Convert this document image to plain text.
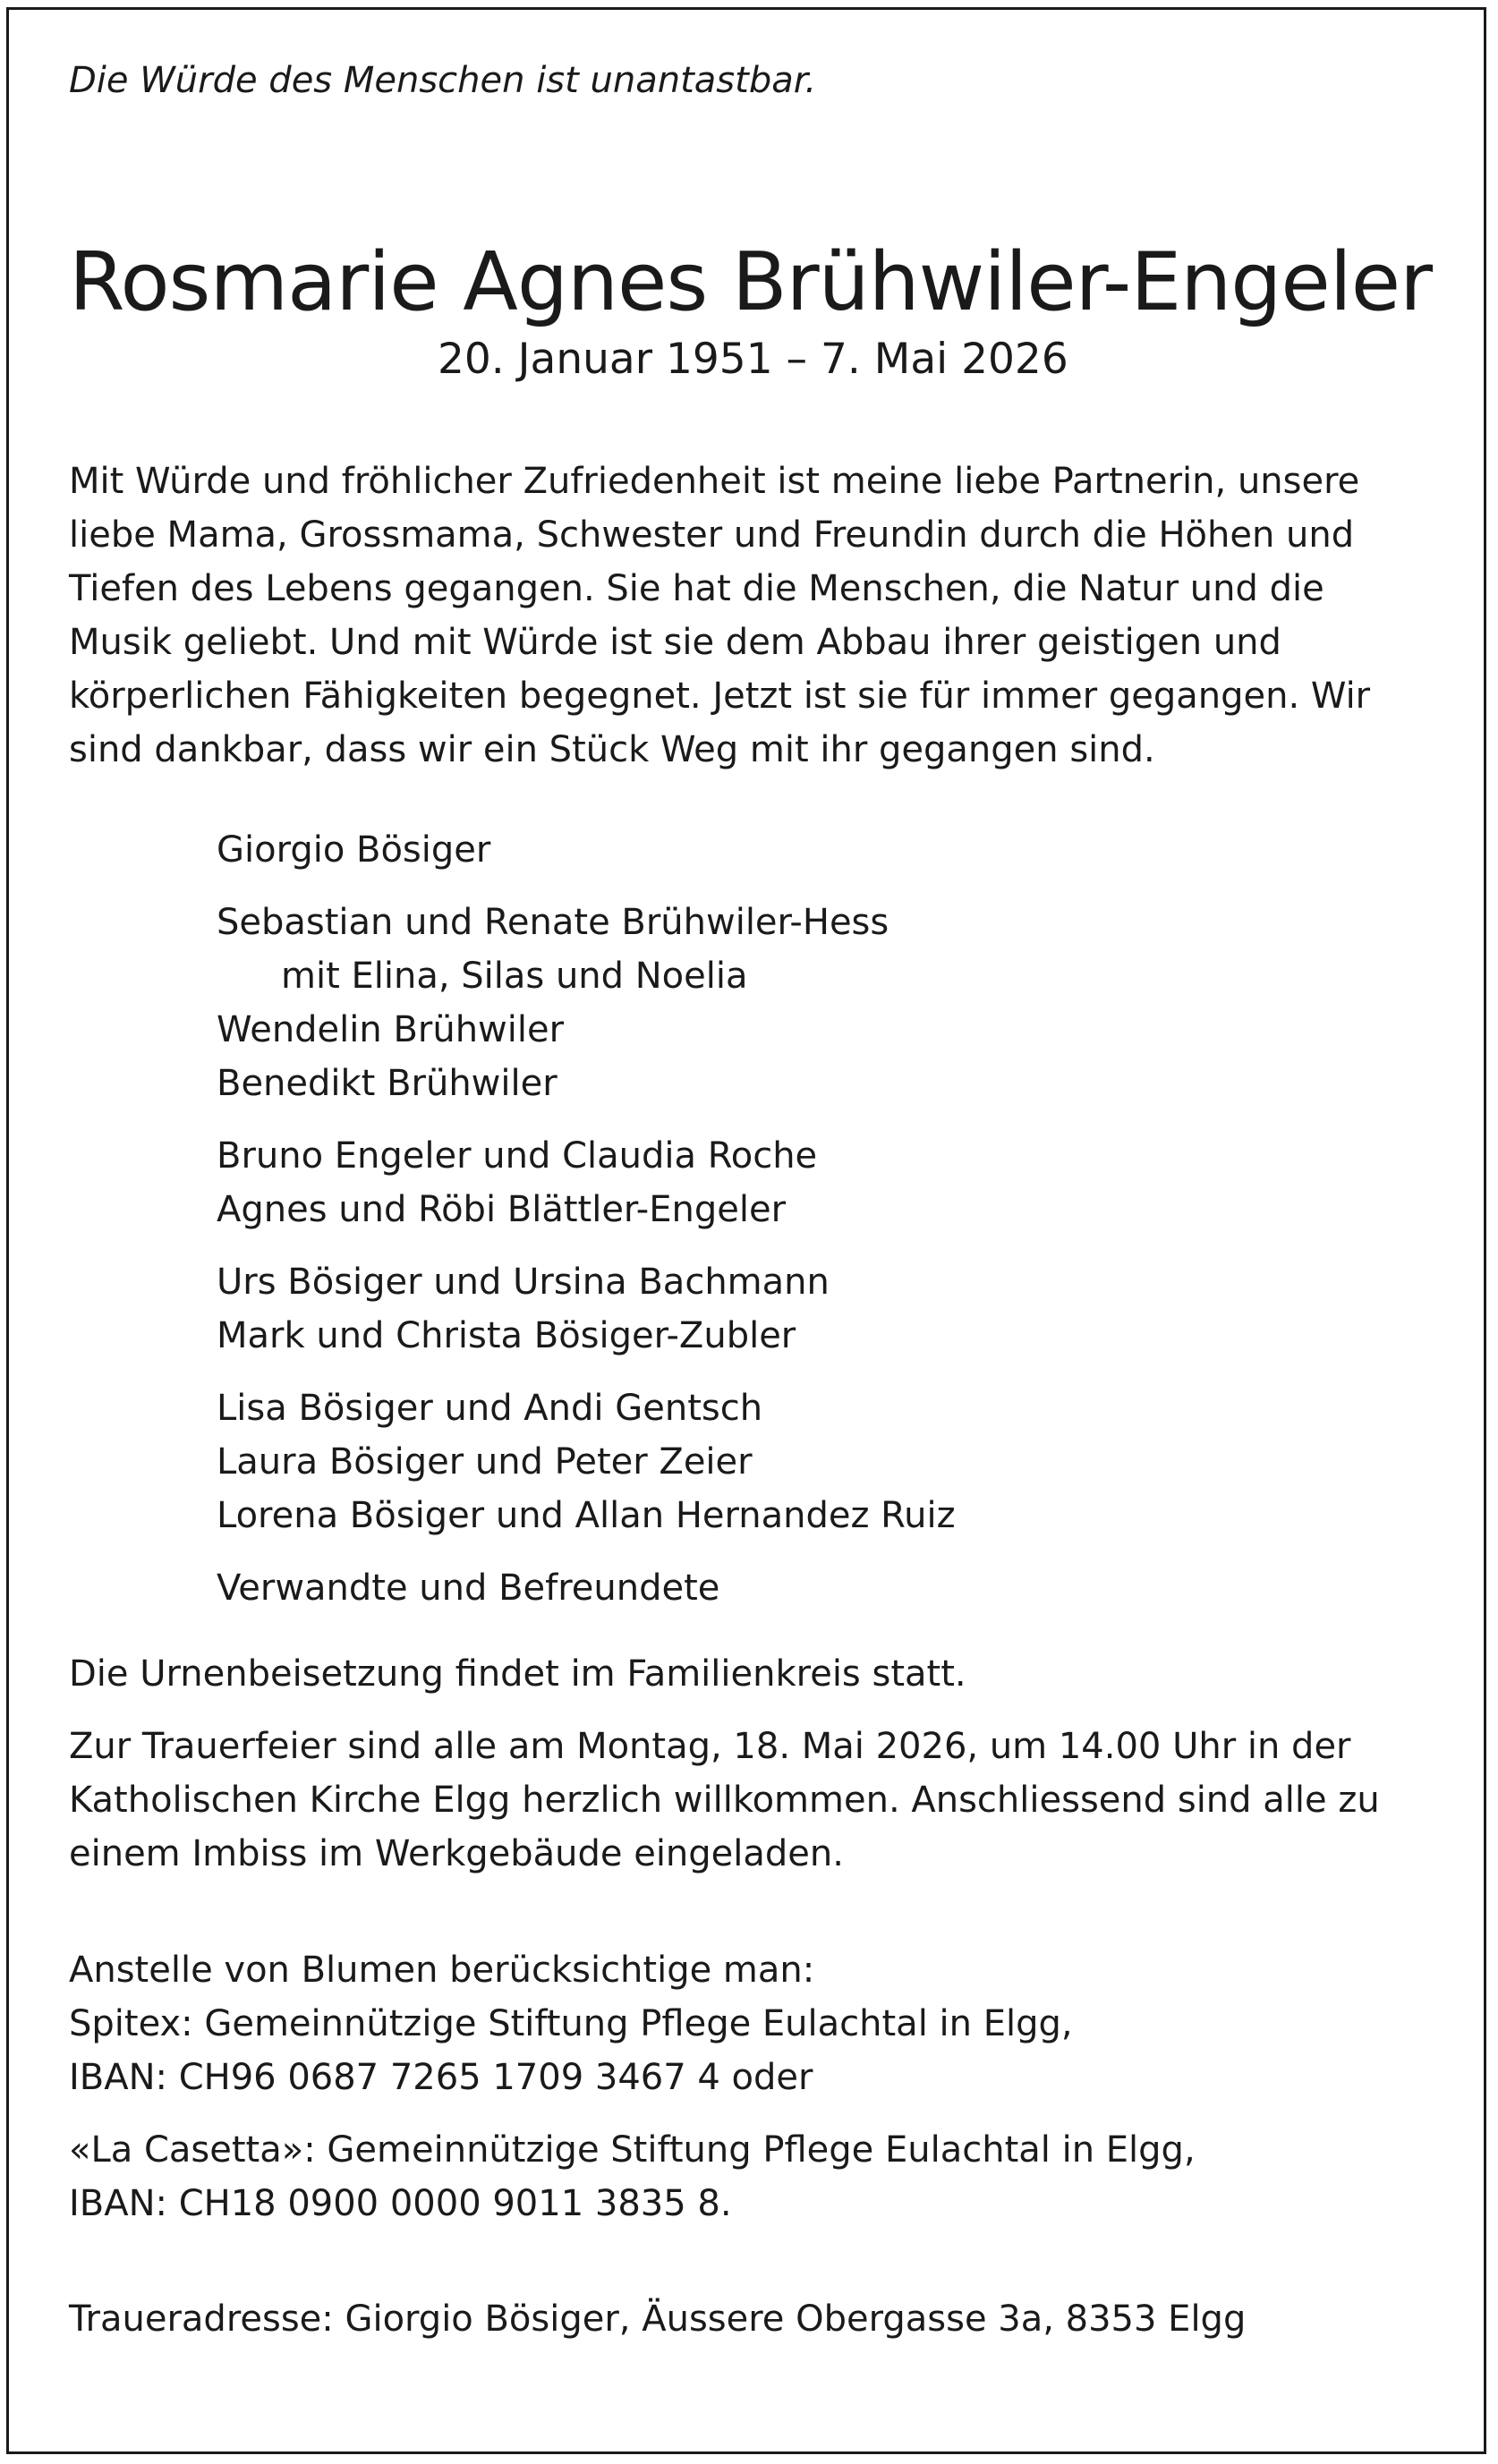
Die Würde des Menschen ist unantastbar.

Rosmarie Agnes Brühwiler-Engeler
20. Januar 1951 – 7. Mai 2026

Mit Würde und fröhlicher Zufriedenheit ist meine liebe Partnerin, unsere liebe Mama, Grossmama, Schwester und Freundin durch die Höhen und Tiefen des Lebens gegangen. Sie hat die Menschen, die Natur und die Musik geliebt. Und mit Würde ist sie dem Abbau ihrer geistigen und körperlichen Fähigkeiten begegnet. Jetzt ist sie für immer gegangen. Wir sind dankbar, dass wir ein Stück Weg mit ihr gegangen sind.

Giorgio Bösiger
Sebastian und Renate Brühwiler-Hess
mit Elina, Silas und Noelia
Wendelin Brühwiler
Benedikt Brühwiler
Bruno Engeler und Claudia Roche
Agnes und Röbi Blättler-Engeler
Urs Bösiger und Ursina Bachmann
Mark und Christa Bösiger-Zubler
Lisa Bösiger und Andi Gentsch
Laura Bösiger und Peter Zeier
Lorena Bösiger und Allan Hernandez Ruiz
Verwandte und Befreundete

Die Urnenbeisetzung findet im Familienkreis statt.

Zur Trauerfeier sind alle am Montag, 18. Mai 2026, um 14.00 Uhr in der Katholischen Kirche Elgg herzlich willkommen. Anschliessend sind alle zu einem Imbiss im Werkgebäude eingeladen.

Anstelle von Blumen berücksichtige man:
Spitex: Gemeinnützige Stiftung Pflege Eulachtal in Elgg,
IBAN: CH96 0687 7265 1709 3467 4 oder
«La Casetta»: Gemeinnützige Stiftung Pflege Eulachtal in Elgg,
IBAN: CH18 0900 0000 9011 3835 8.

Traueradresse: Giorgio Bösiger, Äussere Obergasse 3a, 8353 Elgg
